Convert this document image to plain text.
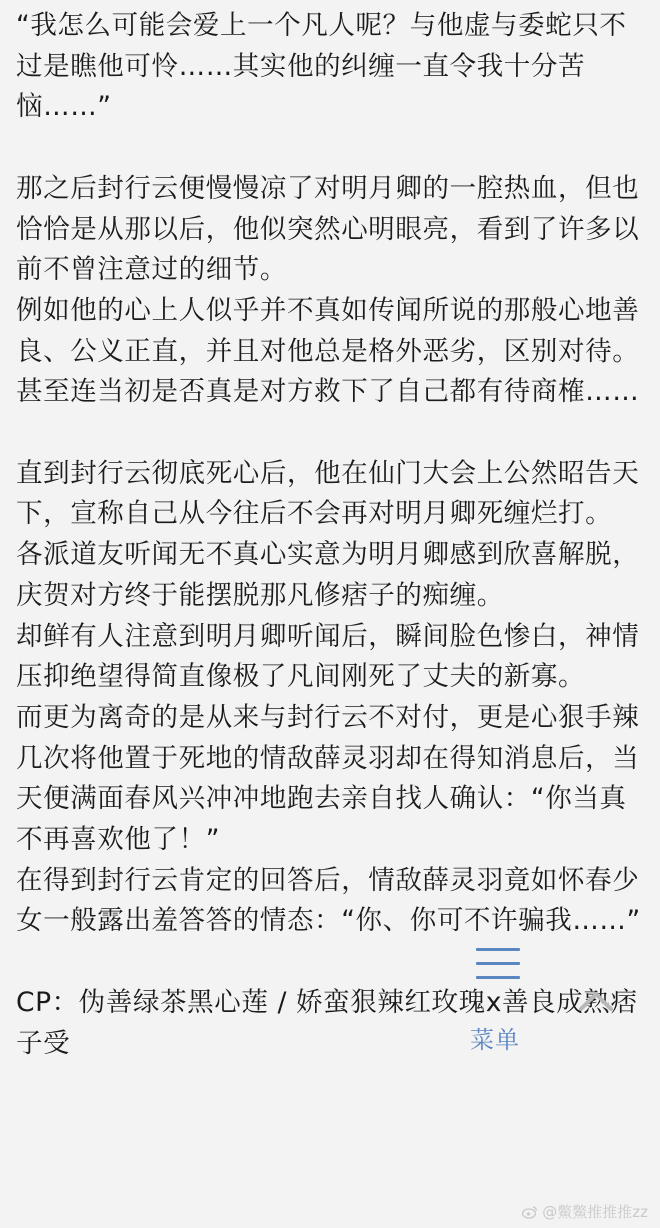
“我怎么可能会爱上一个凡人呢？与他虚与委蛇只不过是瞧他可怜……其实他的纠缠一直令我十分苦恼……”

那之后封行云便慢慢凉了对明月卿的一腔热血，但也恰恰是从那以后，他似突然心明眼亮，看到了许多以前不曾注意过的细节。

例如他的心上人似乎并不真如传闻所说的那般心地善良、公义正直，并且对他总是格外恶劣，区别对待。甚至连当初是否真是对方救下了自己都有待商榷……

直到封行云彻底死心后，他在仙门大会上公然昭告天下，宣称自己从今往后不会再对明月卿死缠烂打。

各派道友听闻无不真心实意为明月卿感到欣喜解脱，庆贺对方终于能摆脱那凡修痞子的痴缠。

却鲜有人注意到明月卿听闻后，瞬间脸色惨白，神情压抑绝望得简直像极了凡间刚死了丈夫的新寡。

而更为离奇的是从来与封行云不对付，更是心狠手辣几次将他置于死地的情敌薛灵羽却在得知消息后，当天便满面春风兴冲冲地跑去亲自找人确认：“你当真不再喜欢他了！”

在得到封行云肯定的回答后，情敌薛灵羽竟如怀春少女一般露出羞答答的情态：“你、你可不许骗我……”

CP：伪善绿茶黑心莲 / 娇蛮狠辣红玫瑰x善良成熟痞子受	菜单
@鱉鱉推推推zz
